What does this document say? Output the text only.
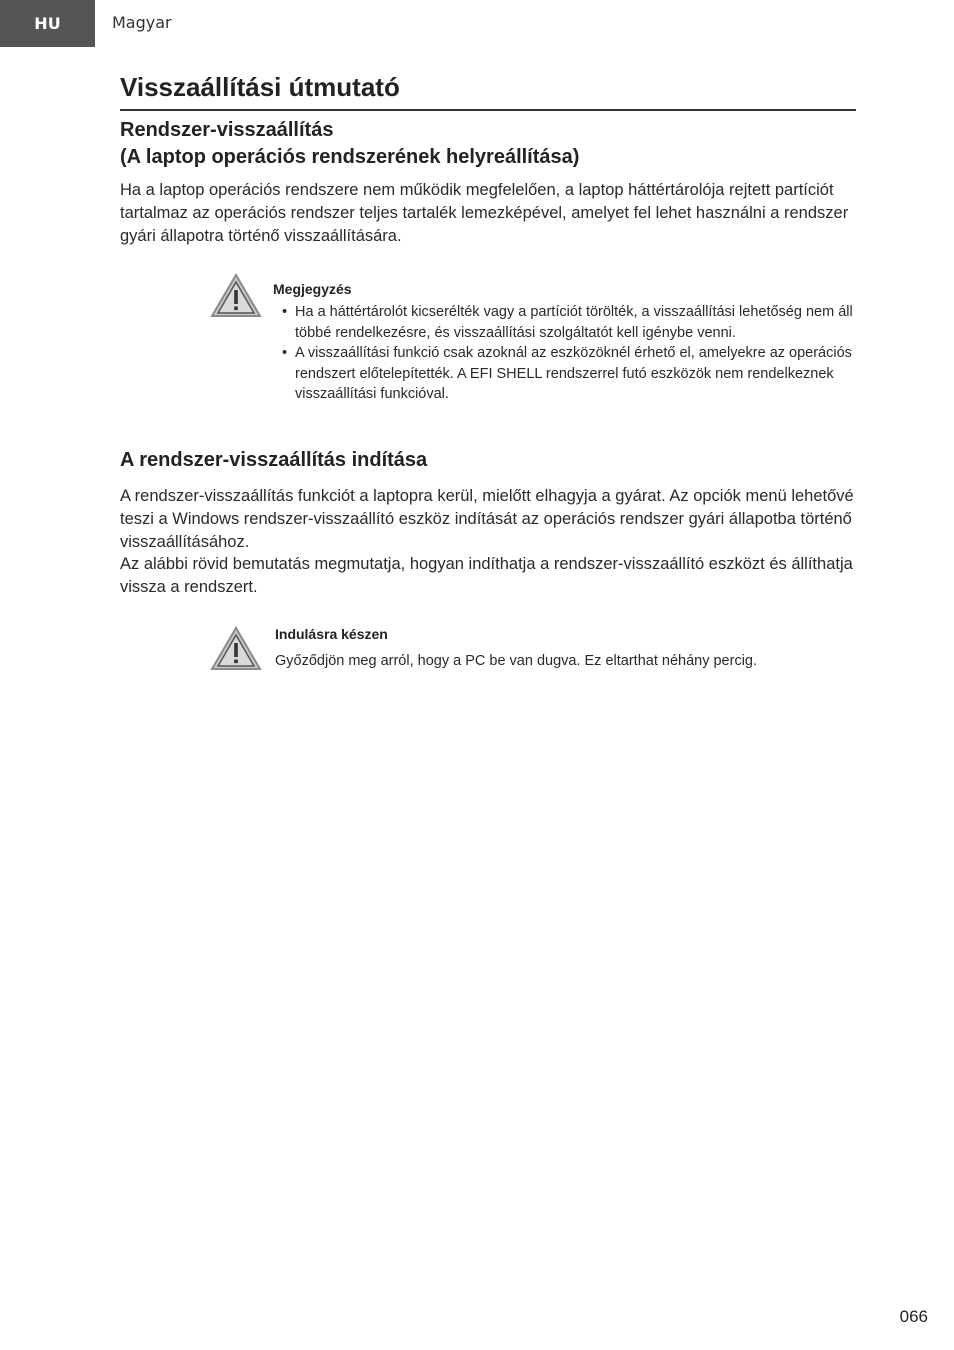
HU	Magyar
Visszaállítási útmutató
Rendszer-visszaállítás
(A laptop operációs rendszerének helyreállítása)

Ha a laptop operációs rendszere nem működik megfelelően, a laptop háttértárolója rejtett partíciót tartalmaz az operációs rendszer teljes tartalék lemezképével, amelyet fel lehet használni a rendszer gyári állapotra történő visszaállítására.

Megjegyzés
• Ha a háttértárolót kicserélték vagy a partíciót törölték, a visszaállítási lehetőség nem áll többé rendelkezésre, és visszaállítási szolgáltatót kell igénybe venni.
• A visszaállítási funkció csak azoknál az eszközöknél érhető el, amelyekre az operációs rendszert előtelepítették. A EFI SHELL rendszerrel futó eszközök nem rendelkeznek visszaállítási funkcióval.
A rendszer-visszaállítás indítása

A rendszer-visszaállítás funkciót a laptopra kerül, mielőtt elhagyja a gyárat. Az opciók menü lehetővé teszi a Windows rendszer-visszaállító eszköz indítását az operációs rendszer gyári állapotba történő visszaállításához.

Az alábbi rövid bemutatás megmutatja, hogyan indíthatja a rendszer-visszaállító eszközt és állíthatja vissza a rendszert.

Indulásra készen

Győződjön meg arról, hogy a PC be van dugva. Ez eltarthat néhány percig.

066
